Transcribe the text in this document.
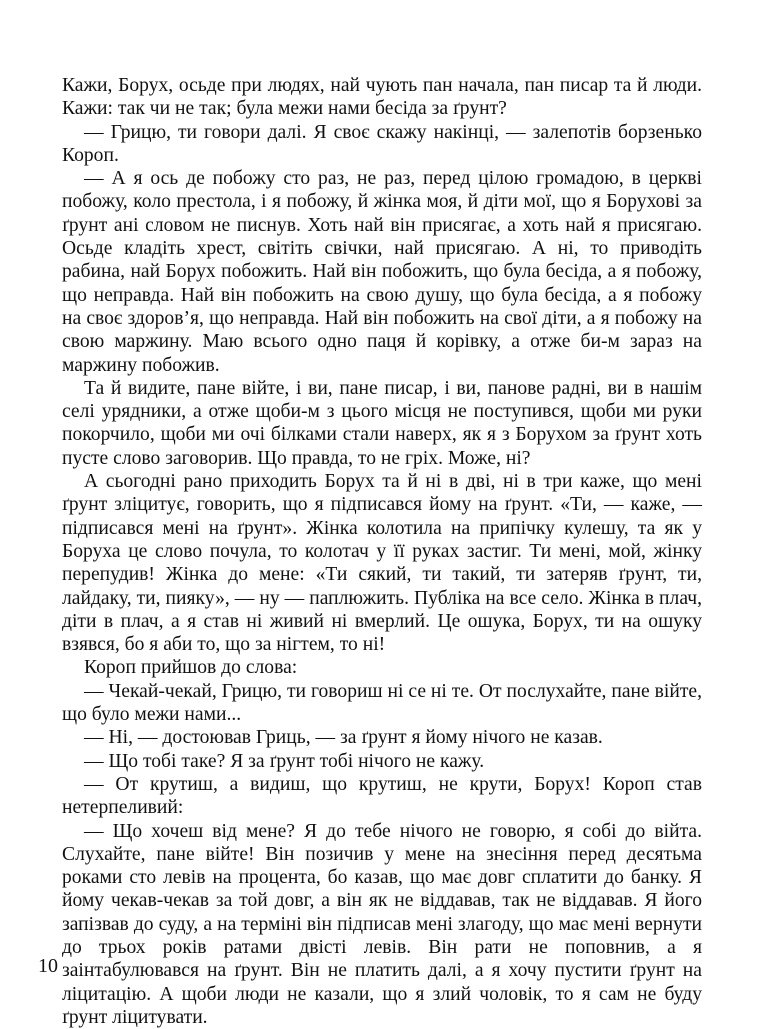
Кажи, Борух, осьде при людях, най чують пан начала, пан писар та й люди. Кажи: так чи не так; була межи нами бесіда за ґрунт?

— Грицю, ти говори далі. Я своє скажу накінці, — залепотів борзенько Короп.

— А я ось де побожу сто раз, не раз, перед цілою громадою, в церкві побожу, коло престола, і я побожу, й жінка моя, й діти мої, що я Борухові за ґрунт ані словом не писнув. Хоть най він присягає, а хоть най я присягаю. Осьде кладіть хрест, світіть свічки, най присягаю. А ні, то приводіть рабина, най Борух побожить. Най він побожить, що була бесіда, а я побожу, що неправда. Най він побожить на свою душу, що була бесіда, а я побожу на своє здоров’я, що неправда. Най він побожить на свої діти, а я побожу на свою маржину. Маю всього одно паця й корівку, а отже би-м зараз на маржину побожив.

Та й видите, пане війте, і ви, пане писар, і ви, панове радні, ви в нашім селі урядники, а отже щоби-м з цього місця не поступився, щоби ми руки покорчило, щоби ми очі білками стали наверх, як я з Борухом за ґрунт хоть пусте слово заговорив. Що правда, то не гріх. Може, ні?

А сьогодні рано приходить Борух та й ні в дві, ні в три каже, що мені ґрунт зліцитує, говорить, що я підписався йому на ґрунт. «Ти, — каже, — підписався мені на ґрунт». Жінка колотила на припічку кулешу, та як у Боруха це слово почула, то колотач у її руках застиг. Ти мені, мой, жінку перепудив! Жінка до мене: «Ти сякий, ти такий, ти затеряв ґрунт, ти, лайдаку, ти, пияку», — ну — паплюжить. Публіка на все село. Жінка в плач, діти в плач, а я став ні живий ні вмерлий. Це ошука, Борух, ти на ошуку взявся, бо я аби то, що за нігтем, то ні!

Короп прийшов до слова:

— Чекай-чекай, Грицю, ти говориш ні се ні те. От послухайте, пане війте, що було межи нами...

— Ні, — достоював Гриць, — за ґрунт я йому нічого не казав.

— Що тобі таке? Я за ґрунт тобі нічого не кажу.

— От крутиш, а видиш, що крутиш, не крути, Борух! Короп став нетерпеливий:

— Що хочеш від мене? Я до тебе нічого не говорю, я собі до війта. Слухайте, пане війте! Він позичив у мене на знесіння перед десятьма роками сто левів на процента, бо казав, що має довг сплатити до банку. Я йому чекав-чекав за той довг, а він як не віддавав, так не віддавав. Я його запізвав до суду, а на терміні він підписав мені злагоду, що має мені вернути до трьох років ратами двісті левів. Він рати не поповнив, а я заінтабулювався на ґрунт. Він не платить далі, а я хочу пустити ґрунт на ліцитацію. А щоби люди не казали, що я злий чоловік, то я сам не буду ґрунт ліцитувати.

10
